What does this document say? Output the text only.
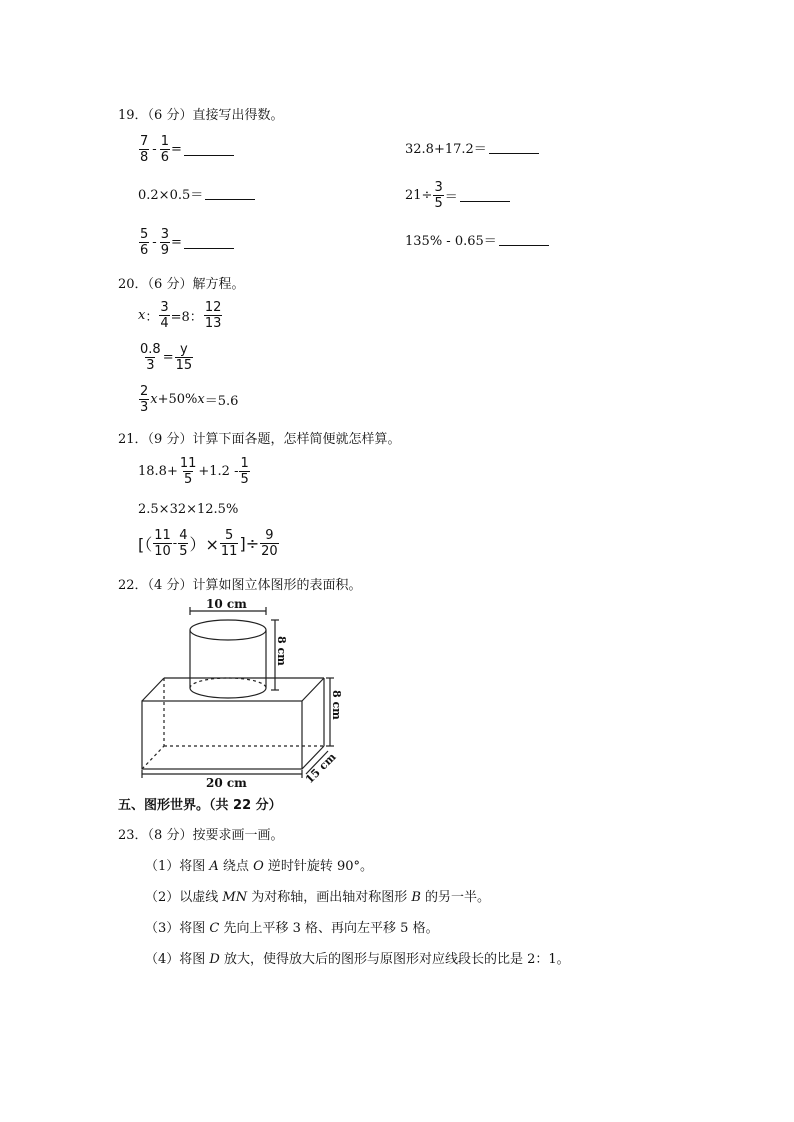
19．（6 分）直接写出得数。
$\frac{7}{8} - \frac{1}{6}$ =	32.8+17.2＝
0.2×0.5＝	$21\div \frac{3}{5}$ ＝
$\frac{5}{6} - \frac{3}{9}$ =	135% - 0.65＝
20．（6 分）解方程。
x ： $\frac{3}{4} =8$： $\frac{12}{13}$
$\frac{0.8}{3} = \frac{y}{15}$
$\frac{2}{3}$ x +50% x ＝5.6
21．（9 分）计算下面各题，怎样简便就怎样算。
$18.8+ \frac{11}{5} +1.2 - \frac{1}{5}$
2.5×32×12.5%
[（ $\frac{11}{10} - \frac{4}{5}$ ）× $\frac{5}{11}$ ]÷ $\frac{9}{20}$
22．（4 分）计算如图立体图形的表面积。
10 cm
8 cm
8 cm
20 cm	15 cm
五、图形世界。（共 22 分）
23．（8 分）按要求画一画。
（1）将图 A 绕点 O 逆时针旋转 90°。
（2）以虚线 MN 为对称轴，画出轴对称图形 B 的另一半。
（3）将图 C 先向上平移 3 格、再向左平移 5 格。
（4）将图 D 放大，使得放大后的图形与原图形对应线段长的比是 2：1。
